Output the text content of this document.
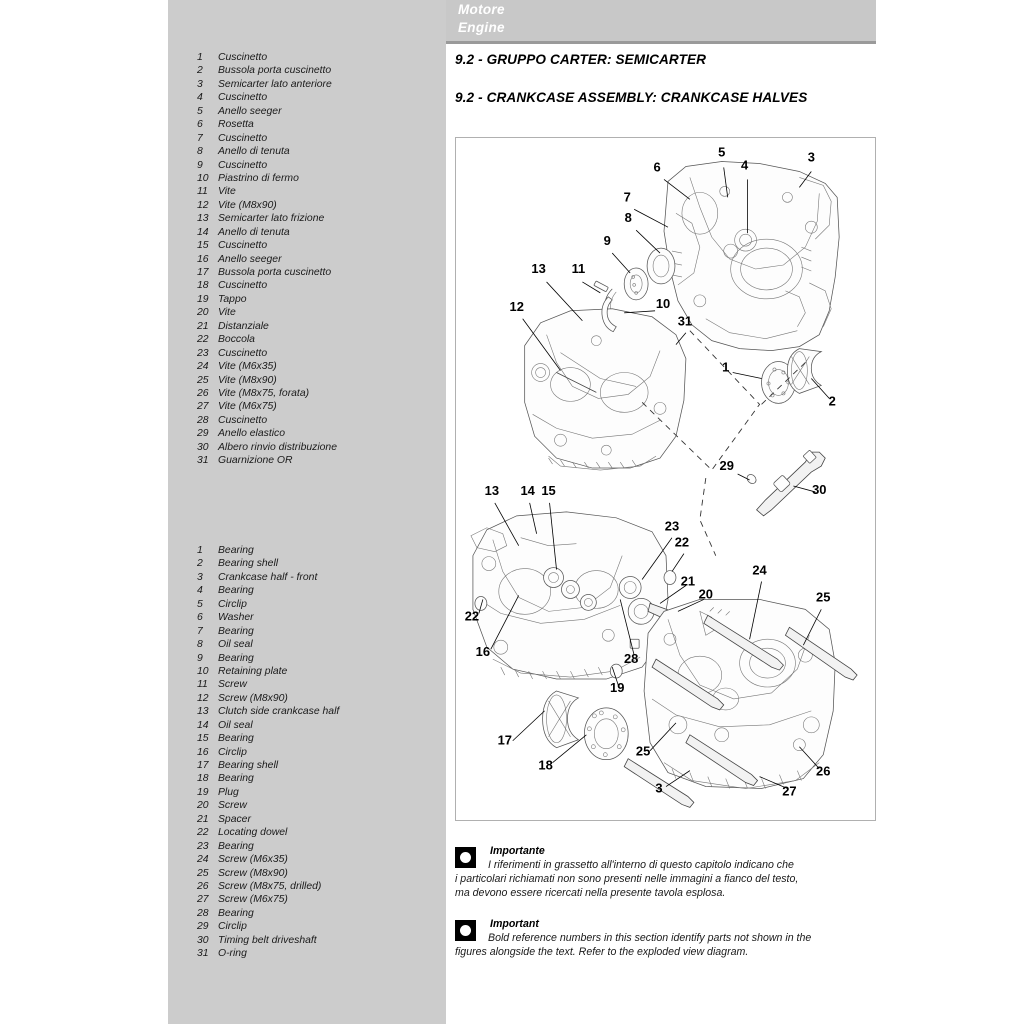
1 Cuscinetto
2 Bussola porta cuscinetto
3 Semicarter lato anteriore
4 Cuscinetto
5 Anello seeger
6 Rosetta
7 Cuscinetto
8 Anello di tenuta
9 Cuscinetto
10 Piastrino di fermo
11 Vite
12 Vite (M8x90)
13 Semicarter lato frizione
14 Anello di tenuta
15 Cuscinetto
16 Anello seeger
17 Bussola porta cuscinetto
18 Cuscinetto
19 Tappo
20 Vite
21 Distanziale
22 Boccola
23 Cuscinetto
24 Vite (M6x35)
25 Vite (M8x90)
26 Vite (M8x75, forata)
27 Vite (M6x75)
28 Cuscinetto
29 Anello elastico
30 Albero rinvio distribuzione
31 Guarnizione OR
1 Bearing
2 Bearing shell
3 Crankcase half - front
4 Bearing
5 Circlip
6 Washer
7 Bearing
8 Oil seal
9 Bearing
10 Retaining plate
11 Screw
12 Screw (M8x90)
13 Clutch side crankcase half
14 Oil seal
15 Bearing
16 Circlip
17 Bearing shell
18 Bearing
19 Plug
20 Screw
21 Spacer
22 Locating dowel
23 Bearing
24 Screw (M6x35)
25 Screw (M8x90)
26 Screw (M8x75, drilled)
27 Screw (M6x75)
28 Bearing
29 Circlip
30 Timing belt driveshaft
31 O-ring
Motore
Engine
9.2 - GRUPPO CARTER: SEMICARTER
9.2 - CRANKCASE ASSEMBLY: CRANKCASE HALVES
6
5
4
3
7
8
9
13 11
10
31
12
1
2
29
30
13 14 15
23
22
21
24
20
22
25
16	28
19
17
18
25
26
3	27
Importante
I riferimenti in grassetto all'interno di questo capitolo indicano che
i particolari richiamati non sono presenti nelle immagini a fianco del testo,
ma devono essere ricercati nella presente tavola esplosa.
Important
Bold reference numbers in this section identify parts not shown in the
figures alongside the text. Refer to the exploded view diagram.
